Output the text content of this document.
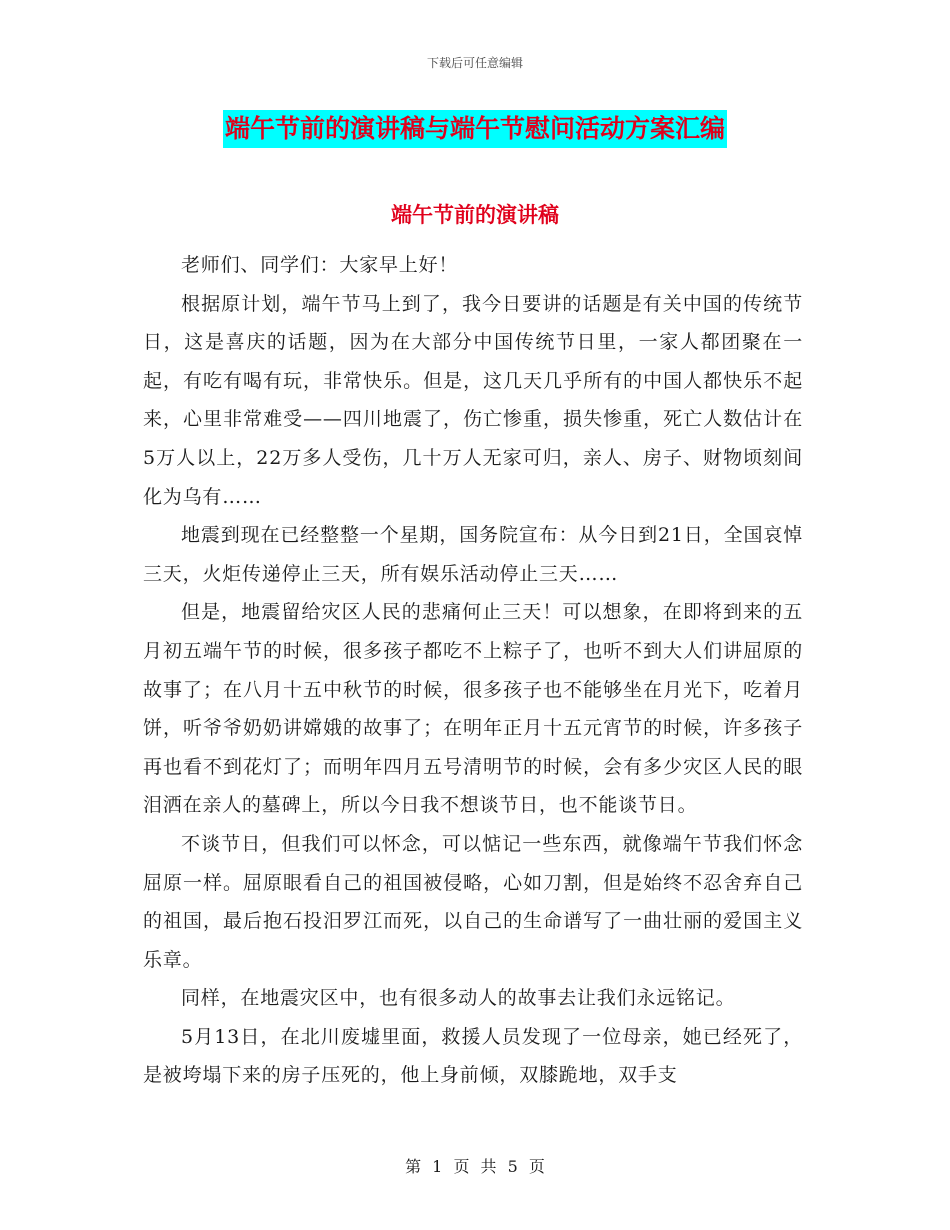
下载后可任意编辑
端午节前的演讲稿与端午节慰问活动方案汇编
端午节前的演讲稿

老师们、同学们：大家早上好！

根据原计划，端午节马上到了，我今日要讲的话题是有关中国的传统节日，这是喜庆的话题，因为在大部分中国传统节日里，一家人都团聚在一起，有吃有喝有玩，非常快乐。但是，这几天几乎所有的中国人都快乐不起来，心里非常难受——四川地震了，伤亡惨重，损失惨重，死亡人数估计在5万人以上，22万多人受伤，几十万人无家可归，亲人、房子、财物顷刻间化为乌有……

地震到现在已经整整一个星期，国务院宣布：从今日到21日，全国哀悼三天，火炬传递停止三天，所有娱乐活动停止三天……

但是，地震留给灾区人民的悲痛何止三天！可以想象，在即将到来的五月初五端午节的时候，很多孩子都吃不上粽子了，也听不到大人们讲屈原的故事了；在八月十五中秋节的时候，很多孩子也不能够坐在月光下，吃着月饼，听爷爷奶奶讲嫦娥的故事了；在明年正月十五元宵节的时候，许多孩子再也看不到花灯了；而明年四月五号清明节的时候，会有多少灾区人民的眼泪洒在亲人的墓碑上，所以今日我不想谈节日，也不能谈节日。

不谈节日，但我们可以怀念，可以惦记一些东西，就像端午节我们怀念屈原一样。屈原眼看自己的祖国被侵略，心如刀割，但是始终不忍舍弃自己的祖国，最后抱石投汨罗江而死，以自己的生命谱写了一曲壮丽的爱国主义乐章。

同样，在地震灾区中，也有很多动人的故事去让我们永远铭记。

5月13日，在北川废墟里面，救援人员发现了一位母亲，她已经死了，是被垮塌下来的房子压死的，他上身前倾，双膝跪地，双手支

第 1 页 共 5 页
